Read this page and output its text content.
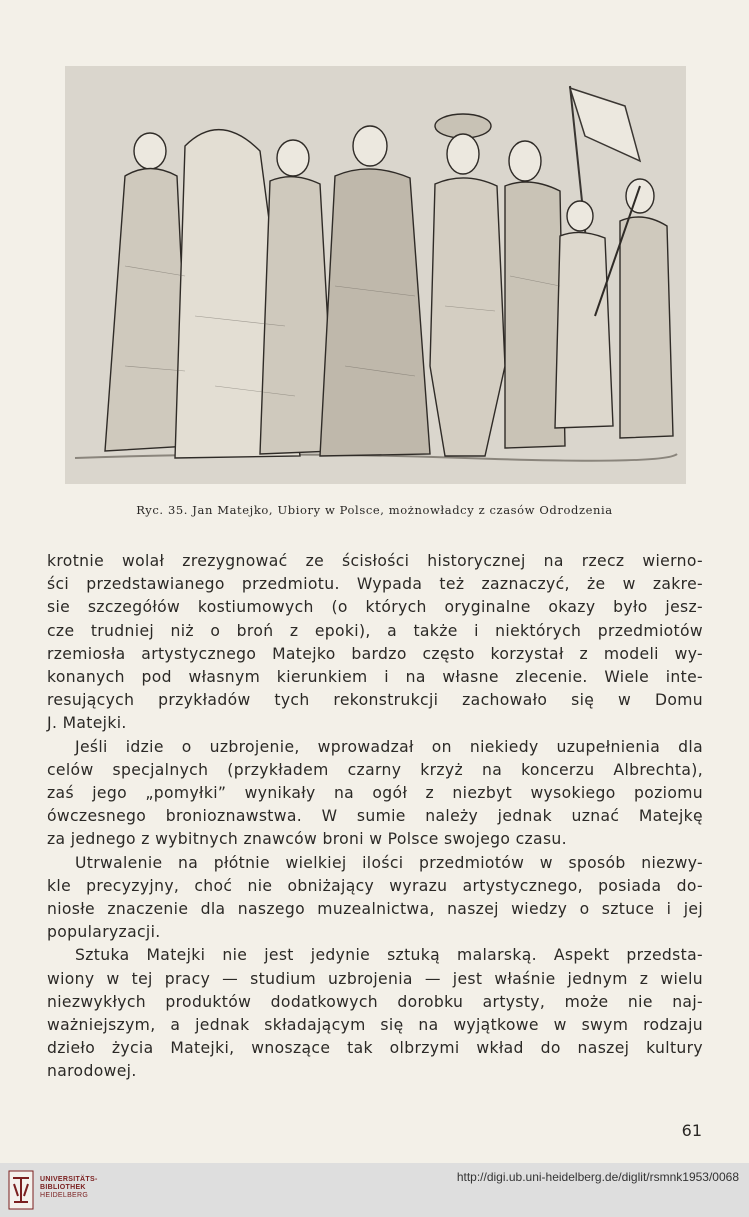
Ryc. 35. Jan Matejko, Ubiory w Polsce, możnowładcy z czasów Odrodzenia
krotnie wolał zrezygnować ze ścisłości historycznej na rzecz wierno-
ści przedstawianego przedmiotu. Wypada też zaznaczyć, że w zakre-
sie szczegółów kostiumowych (o których oryginalne okazy było jesz-
cze trudniej niż o broń z epoki), a także i niektórych przedmiotów
rzemiosła artystycznego Matejko bardzo często korzystał z modeli wy-
konanych pod własnym kierunkiem i na własne zlecenie. Wiele inte-
resujących przykładów tych rekonstrukcji zachowało się w Domu
J. Matejki.
Jeśli idzie o uzbrojenie, wprowadzał on niekiedy uzupełnienia dla
celów specjalnych (przykładem czarny krzyż na koncerzu Albrechta),
zaś jego „pomyłki” wynikały na ogół z niezbyt wysokiego poziomu
ówczesnego bronioznawstwa. W sumie należy jednak uznać Matejkę
za jednego z wybitnych znawców broni w Polsce swojego czasu.
Utrwalenie na płótnie wielkiej ilości przedmiotów w sposób niezwy-
kle precyzyjny, choć nie obniżający wyrazu artystycznego, posiada do-
niosłe znaczenie dla naszego muzealnictwa, naszej wiedzy o sztuce i jej
popularyzacji.
Sztuka Matejki nie jest jedynie sztuką malarską. Aspekt przedsta-
wiony w tej pracy — studium uzbrojenia — jest właśnie jednym z wielu
niezwykłych produktów dodatkowych dorobku artysty, może nie naj-
ważniejszym, a jednak składającym się na wyjątkowe w swym rodzaju
dzieło życia Matejki, wnoszące tak olbrzymi wkład do naszej kultury
narodowej.
61
UNIVERSITÄTS-
BIBLIOTHEK
HEIDELBERG
http://digi.ub.uni-heidelberg.de/diglit/rsmnk1953/0068
